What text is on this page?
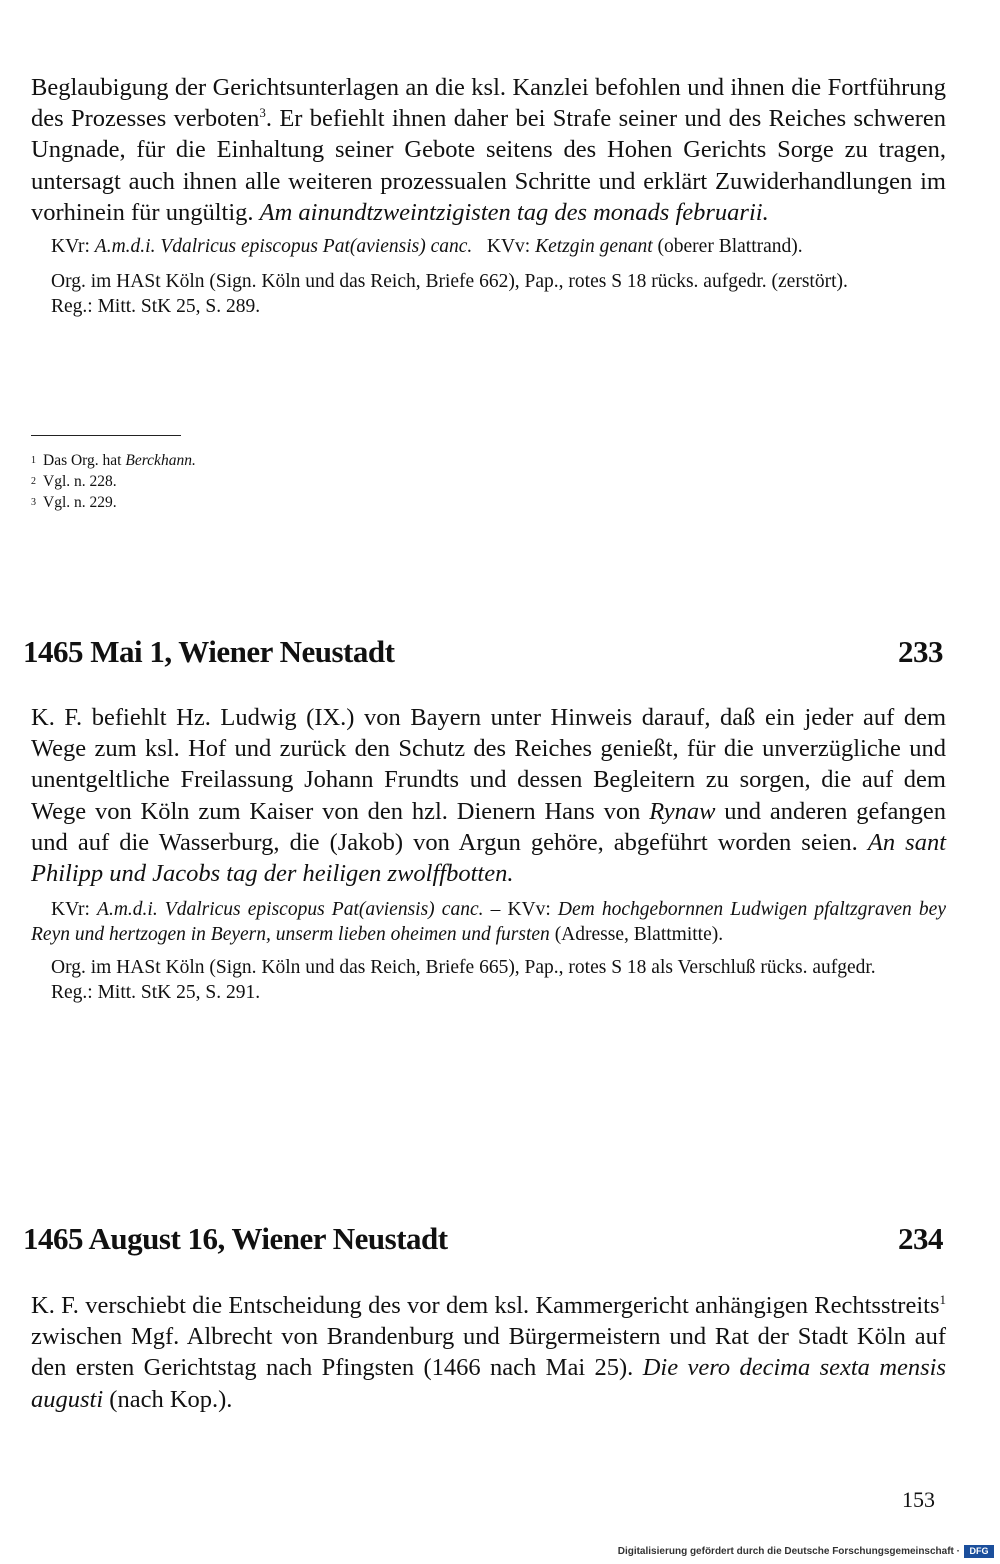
Beglaubigung der Gerichtsunterlagen an die ksl. Kanzlei befohlen und ihnen die Fortführung des Prozesses verboten$^3$. Er befiehlt ihnen daher bei Strafe seiner und des Reiches schweren Ungnade, für die Einhaltung seiner Gebote seitens des Hohen Gerichts Sorge zu tragen, untersagt auch ihnen alle weiteren prozessualen Schritte und erklärt Zuwiderhandlungen im vorhinein für ungültig. Am ainundtzweintzigisten tag des monads februarii.

KVr: A.m.d.i. Vdalricus episcopus Pat(aviensis) canc.   KVv: Ketzgin genant (oberer Blattrand).

Org. im HASt Köln (Sign. Köln und das Reich, Briefe 662), Pap., rotes S 18 rücks. aufgedr. (zerstört).

Reg.: Mitt. StK 25, S. 289.

1 Das Org. hat Berckhann.
2 Vgl. n. 228.
3 Vgl. n. 229.
1465 Mai 1, Wiener Neustadt	233

K. F. befiehlt Hz. Ludwig (IX.) von Bayern unter Hinweis darauf, daß ein jeder auf dem Wege zum ksl. Hof und zurück den Schutz des Reiches genießt, für die unverzügliche und unentgeltliche Freilassung Johann Frundts und dessen Begleitern zu sorgen, die auf dem Wege von Köln zum Kaiser von den hzl. Dienern Hans von Rynaw und anderen gefangen und auf die Wasserburg, die (Jakob) von Argun gehöre, abgeführt worden seien. An sant Philipp und Jacobs tag der heiligen zwolffbotten.

KVr: A.m.d.i. Vdalricus episcopus Pat(aviensis) canc. – KVv: Dem hochgebornnen Ludwigen pfaltzgraven bey Reyn und hertzogen in Beyern, unserm lieben oheimen und fursten (Adresse, Blattmitte).

Org. im HASt Köln (Sign. Köln und das Reich, Briefe 665), Pap., rotes S 18 als Verschluß rücks. aufgedr.

Reg.: Mitt. StK 25, S. 291.

1465 August 16, Wiener Neustadt	234

K. F. verschiebt die Entscheidung des vor dem ksl. Kammergericht anhängigen Rechtsstreits$^1$ zwischen Mgf. Albrecht von Brandenburg und Bürgermeistern und Rat der Stadt Köln auf den ersten Gerichtstag nach Pfingsten (1466 nach Mai 25). Die vero decima sexta mensis augusti (nach Kop.).

153
Digitalisierung gefördert durch die Deutsche Forschungsgemeinschaft ·	DFG
